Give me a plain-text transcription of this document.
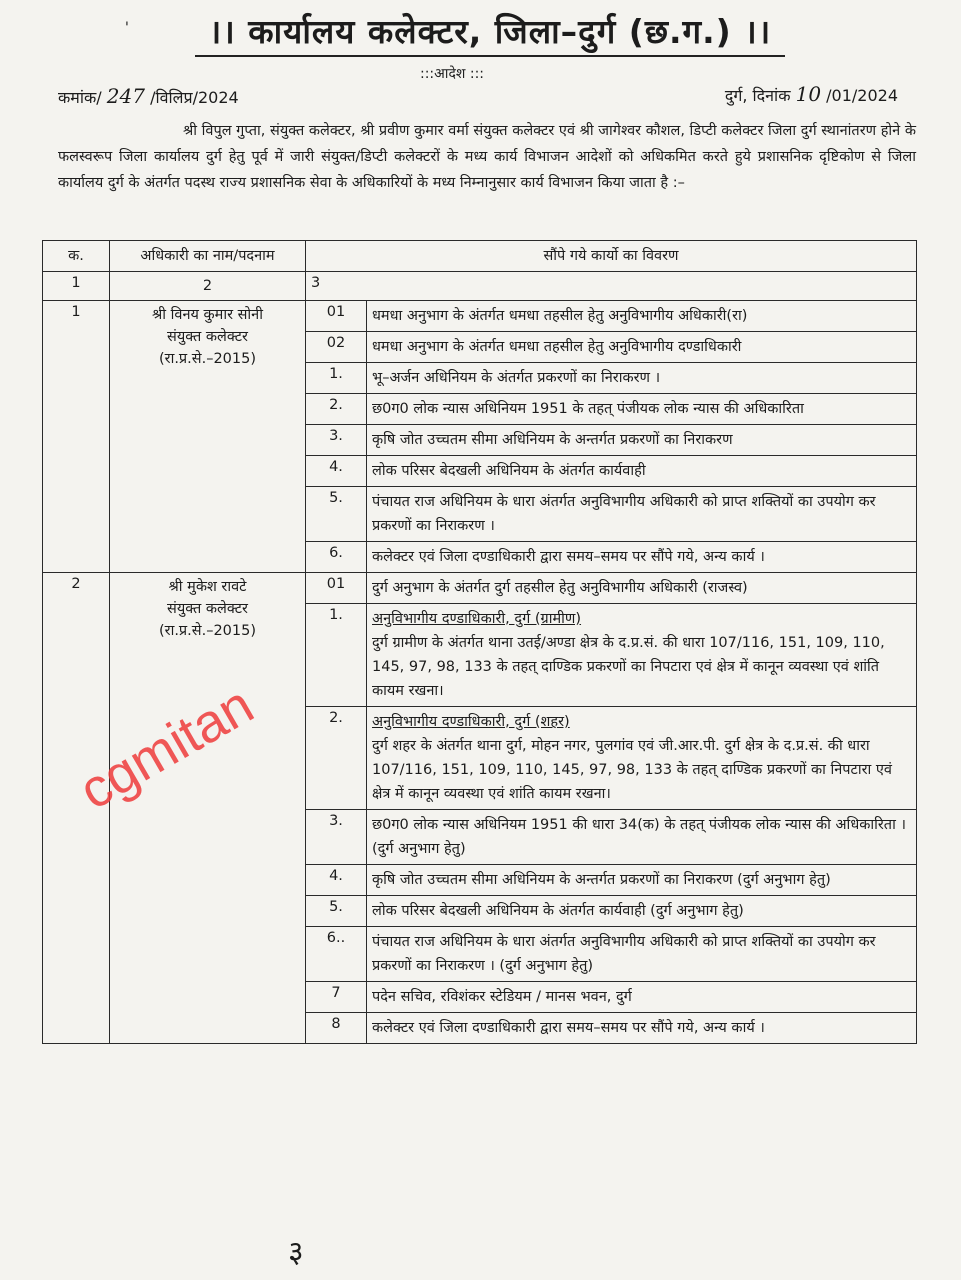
'	।। कार्यालय कलेक्टर, जिला–दुर्ग (छ.ग.) ।।
:::आदेश :::
कमांक/ 247 /विलिप्र/2024	दुर्ग, दिनांक 10 /01/2024
श्री विपुल गुप्ता, संयुक्त कलेक्टर, श्री प्रवीण कुमार वर्मा संयुक्त कलेक्टर एवं श्री जागेश्वर कौशल, डिप्टी कलेक्टर जिला दुर्ग स्थानांतरण होने के फलस्वरूप जिला कार्यालय दुर्ग हेतु पूर्व में जारी संयुक्त/डिप्टी कलेक्टरों के मध्य कार्य विभाजन आदेशों को अधिकमित करते हुये प्रशासनिक दृष्टिकोण से जिला कार्यालय दुर्ग के अंतर्गत पदस्थ राज्य प्रशासनिक सेवा के अधिकारियों के मध्य निम्नानुसार कार्य विभाजन किया जाता है :–
क.	अधिकारी का नाम/पदनाम	सौंपे गये कार्यो का विवरण	
1	2	3	
1	श्री विनय कुमार सोनी
संयुक्त कलेक्टर
(रा.प्र.से.–2015)	01	धमधा अनुभाग के अंतर्गत धमधा तहसील हेतु अनुविभागीय अधिकारी(रा)

		02	धमधा अनुभाग के अंतर्गत धमधा तहसील हेतु अनुविभागीय दण्डाधिकारी

		1.	भू–अर्जन अधिनियम के अंतर्गत प्रकरणों का निराकरण ।

		2.	छ0ग0 लोक न्यास अधिनियम 1951 के तहत् पंजीयक लोक न्यास की अधिकारिता

		3.	कृषि जोत उच्चतम सीमा अधिनियम के अन्तर्गत प्रकरणों का निराकरण

		4.	लोक परिसर बेदखली अधिनियम के अंतर्गत कार्यवाही

		5.	पंचायत राज अधिनियम के धारा अंतर्गत अनुविभागीय अधिकारी को प्राप्त शक्तियों का उपयोग कर प्रकरणों का निराकरण ।

		6.	कलेक्टर एवं जिला दण्डाधिकारी द्वारा समय–समय पर सौंपे गये, अन्य कार्य ।

2	श्री मुकेश रावटे
संयुक्त कलेक्टर
(रा.प्र.से.–2015)	01	दुर्ग अनुभाग के अंतर्गत दुर्ग तहसील हेतु अनुविभागीय अधिकारी (राजस्व)

		1.	अनुविभागीय दण्डाधिकारी, दुर्ग (ग्रामीण)
दुर्ग ग्रामीण के अंतर्गत थाना उतई/अण्डा क्षेत्र के द.प्र.सं. की धारा 107/116, 151, 109, 110, 145, 97, 98, 133 के तहत् दाण्डिक प्रकरणों का निपटारा एवं क्षेत्र में कानून व्यवस्था एवं शांति कायम रखना।

		2.	अनुविभागीय दण्डाधिकारी, दुर्ग (शहर)
दुर्ग शहर के अंतर्गत थाना दुर्ग, मोहन नगर, पुलगांव एवं जी.आर.पी. दुर्ग क्षेत्र के द.प्र.सं. की धारा 107/116, 151, 109, 110, 145, 97, 98, 133 के तहत् दाण्डिक प्रकरणों का निपटारा एवं क्षेत्र में कानून व्यवस्था एवं शांति कायम रखना।

		3.	छ0ग0 लोक न्यास अधिनियम 1951 की धारा 34(क) के तहत् पंजीयक लोक न्यास की अधिकारिता । (दुर्ग अनुभाग हेतु)

		4.	कृषि जोत उच्चतम सीमा अधिनियम के अन्तर्गत प्रकरणों का निराकरण (दुर्ग अनुभाग हेतु)

		5.	लोक परिसर बेदखली अधिनियम के अंतर्गत कार्यवाही (दुर्ग अनुभाग हेतु)

		6..	पंचायत राज अधिनियम के धारा अंतर्गत अनुविभागीय अधिकारी को प्राप्त शक्तियों का उपयोग कर प्रकरणों का निराकरण । (दुर्ग अनुभाग हेतु)

		7	पदेन सचिव, रविशंकर स्टेडियम / मानस भवन, दुर्ग

		8	कलेक्टर एवं जिला दण्डाधिकारी द्वारा समय–समय पर सौंपे गये, अन्य कार्य ।
cgmitan
३
